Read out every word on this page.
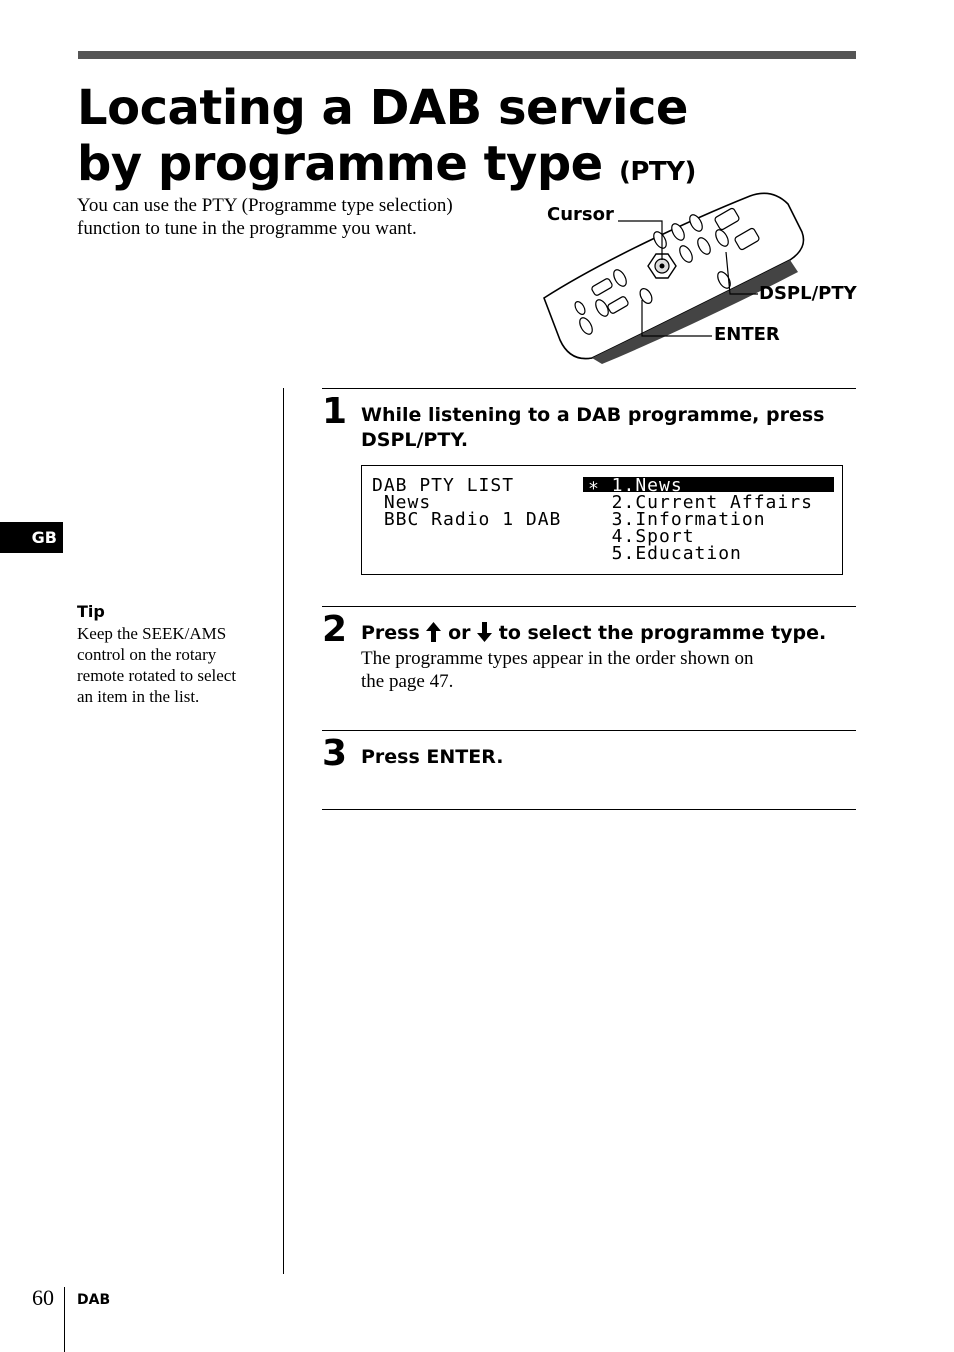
Locating a DAB service by programme type (PTY)
You can use the PTY (Programme type selection)
function to tune in the programme you want.
Cursor
DSPL/PTY
ENTER
GB
Tip
Keep the SEEK/AMS
control on the rotary
remote rotated to select
an item in the list.
1 While listening to a DAB programme, press
DSPL/PTY.
DAB PTY LIST
News
BBC Radio 1 DAB
∗ 1.News
2.Current Affairs
3.Information
4.Sport
5.Education
2 Press or to select the programme type.
The programme types appear in the order shown on
the page 47.
3 Press ENTER.
60 DAB
